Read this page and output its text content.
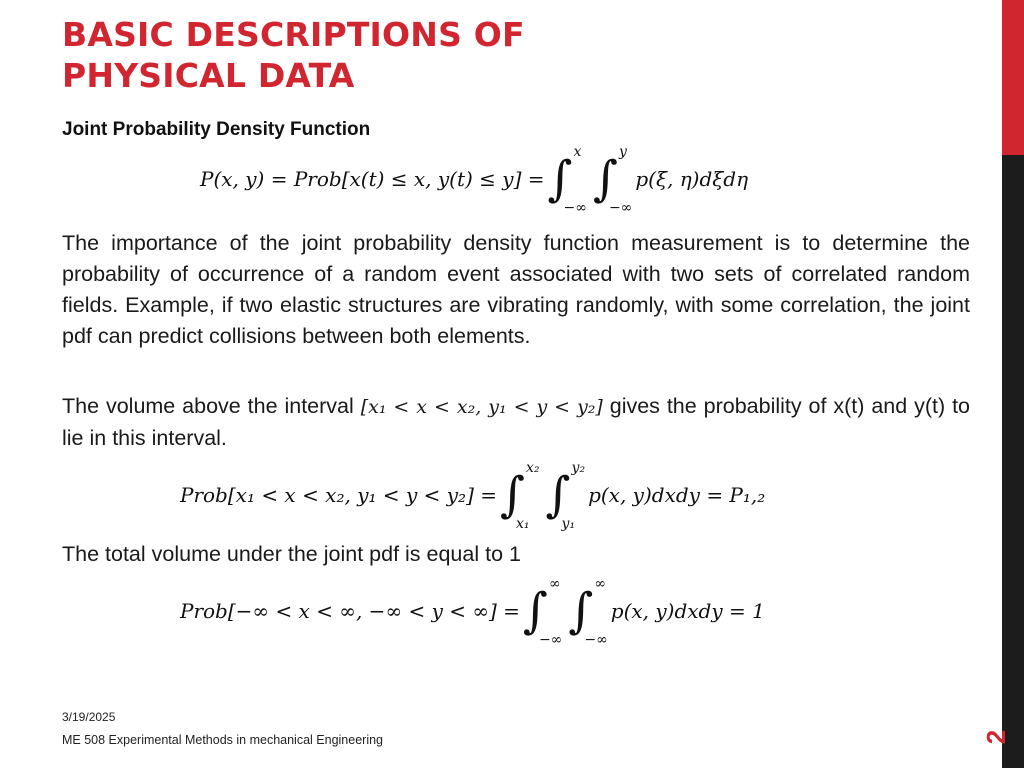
BASIC DESCRIPTIONS OF
PHYSICAL DATA
Joint Probability Density Function
P(x, y) = Prob[x(t) ≤ x, y(t) ≤ y] = ∫ x
−∞
∫ y
−∞
p(ξ, η)dξdη

The importance of the joint probability density function measurement is to determine the probability of occurrence of a random event associated with two sets of correlated random fields. Example, if two elastic structures are vibrating randomly, with some correlation, the joint pdf can predict collisions between both elements.

The volume above the interval [x₁ < x < x₂, y₁ < y < y₂] gives the probability of x(t) and y(t) to lie in this interval.

Prob[x₁ < x < x₂, y₁ < y < y₂] = ∫ x₂
x₁
∫ y₂
y₁
p(x, y)dxdy = P₁,₂

The total volume under the joint pdf is equal to 1

Prob[−∞ < x < ∞, −∞ < y < ∞] = ∫ ∞
−∞
∫ ∞
−∞
p(x, y)dxdy = 1
3/19/2025
ME 508 Experimental Methods in mechanical Engineering	2
